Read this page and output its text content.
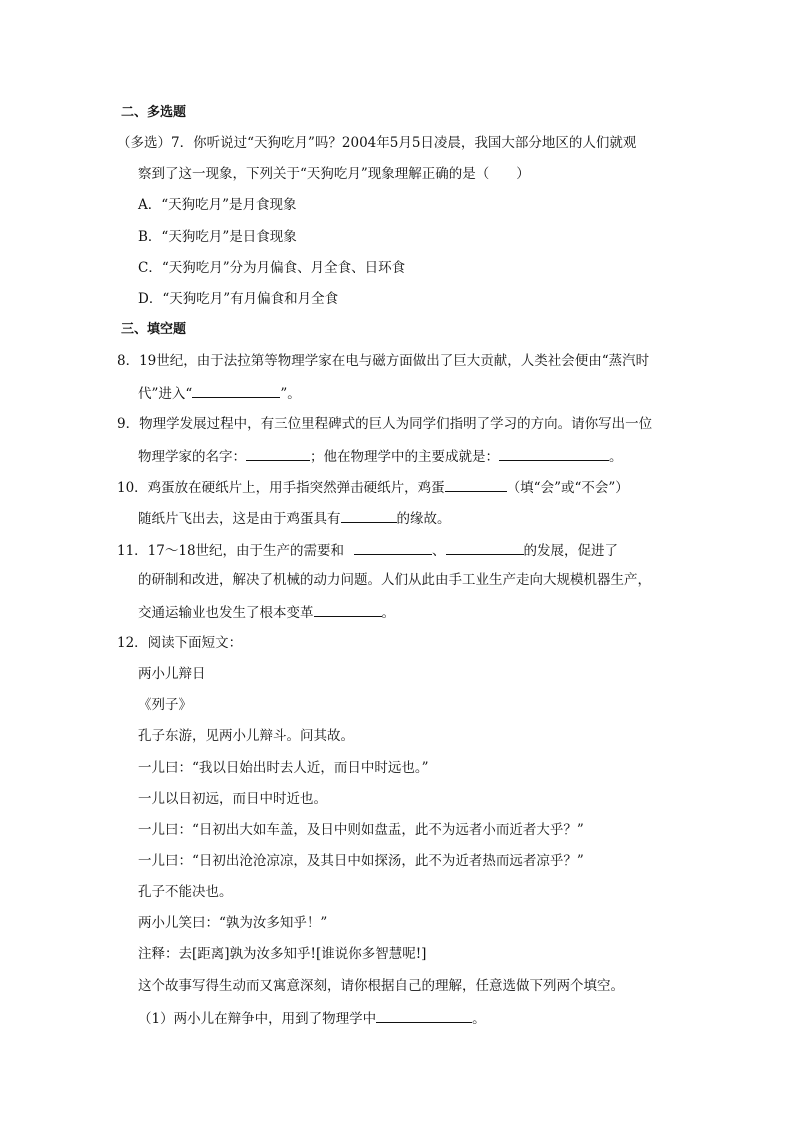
二、多选题
（多选）7．你听说过“天狗吃月”吗？2004年5月5日凌晨，我国大部分地区的人们就观
察到了这一现象，下列关于“天狗吃月”现象理解正确的是（　　）
A．“天狗吃月”是月食现象
B．“天狗吃月”是日食现象
C．“天狗吃月”分为月偏食、月全食、日环食
D．“天狗吃月”有月偏食和月全食
三、填空题
8．19世纪，由于法拉第等物理学家在电与磁方面做出了巨大贡献，人类社会便由“蒸汽时
代”进入“	”。
9．物理学发展过程中，有三位里程碑式的巨人为同学们指明了学习的方向。请你写出一位
物理学家的名字：	；他在物理学中的主要成就是：	。
10．鸡蛋放在硬纸片上，用手指突然弹击硬纸片，鸡蛋	（填“会”或“不会”）
随纸片飞出去，这是由于鸡蛋具有	的缘故。
11．17～18世纪，由于生产的需要和	、	的发展，促进了
的研制和改进，解决了机械的动力问题。人们从此由手工业生产走向大规模机器生产，
交通运输业也发生了根本变革	。
12．阅读下面短文：
两小儿辩日
《列子》
孔子东游，见两小儿辩斗。问其故。
一儿曰：“我以日始出时去人近，而日中时远也。”
一儿以日初远，而日中时近也。
一儿曰：“日初出大如车盖，及日中则如盘盂，此不为远者小而近者大乎？”
一儿曰：“日初出沧沧凉凉，及其日中如探汤，此不为近者热而远者凉乎？”
孔子不能决也。
两小儿笑曰：“孰为汝多知乎！”
注释：去[距离]孰为汝多知乎![谁说你多智慧呢!]
这个故事写得生动而又寓意深刻，请你根据自己的理解，任意选做下列两个填空。
（1）两小儿在辩争中，用到了物理学中	。
